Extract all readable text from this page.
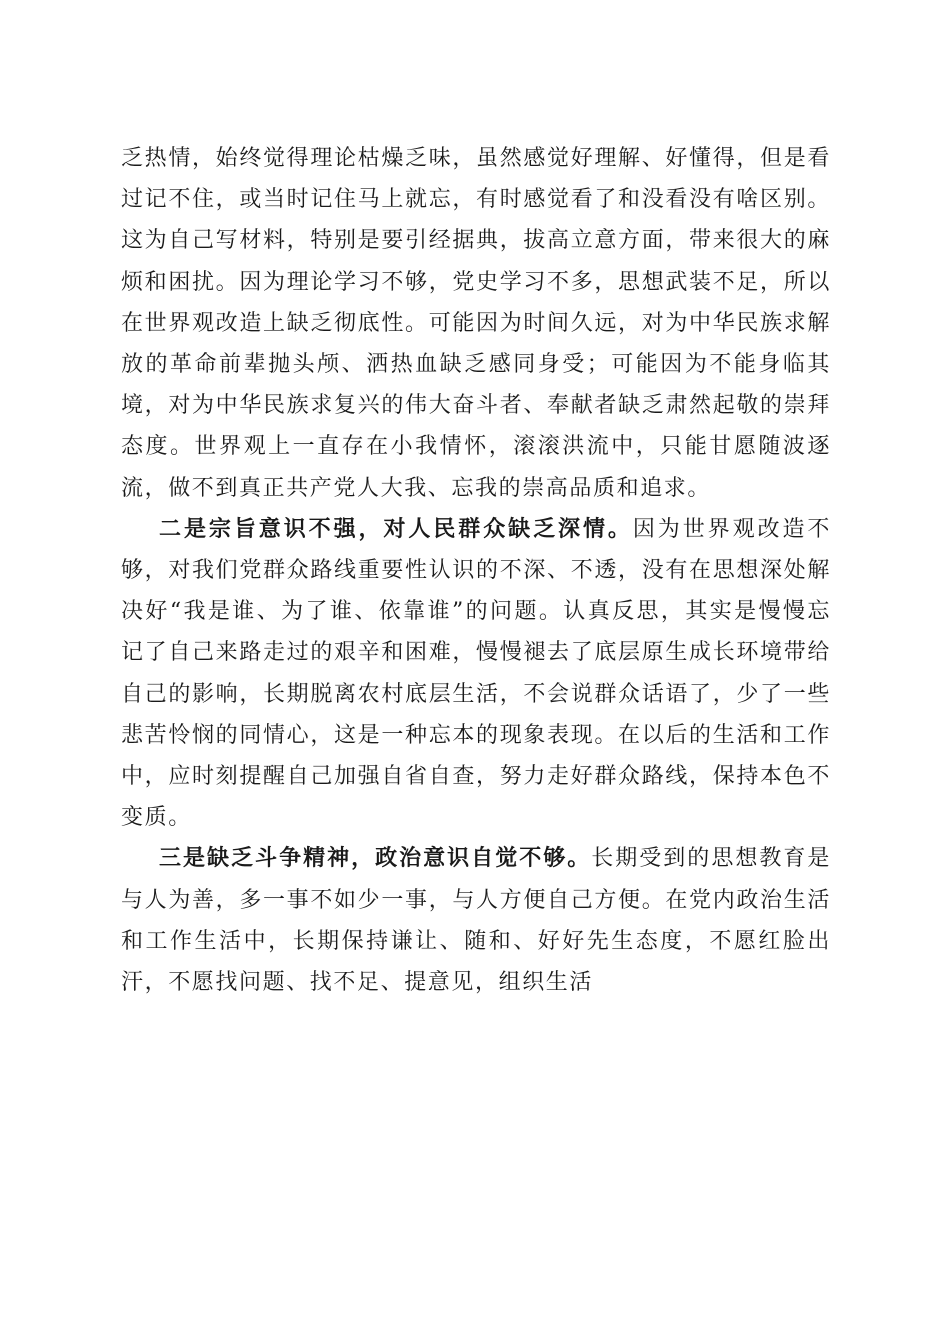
乏热情，始终觉得理论枯燥乏味，虽然感觉好理解、好懂得，但是看过记不住，或当时记住马上就忘，有时感觉看了和没看没有啥区别。这为自己写材料，特别是要引经据典，拔高立意方面，带来很大的麻烦和困扰。因为理论学习不够，党史学习不多，思想武装不足，所以在世界观改造上缺乏彻底性。可能因为时间久远，对为中华民族求解放的革命前辈抛头颅、洒热血缺乏感同身受；可能因为不能身临其境，对为中华民族求复兴的伟大奋斗者、奉献者缺乏肃然起敬的崇拜态度。世界观上一直存在小我情怀，滚滚洪流中，只能甘愿随波逐流，做不到真正共产党人大我、忘我的崇高品质和追求。

二是宗旨意识不强，对人民群众缺乏深情。因为世界观改造不够，对我们党群众路线重要性认识的不深、不透，没有在思想深处解决好“我是谁、为了谁、依靠谁”的问题。认真反思，其实是慢慢忘记了自己来路走过的艰辛和困难，慢慢褪去了底层原生成长环境带给自己的影响，长期脱离农村底层生活，不会说群众话语了，少了一些悲苦怜悯的同情心，这是一种忘本的现象表现。在以后的生活和工作中，应时刻提醒自己加强自省自查，努力走好群众路线，保持本色不变质。

三是缺乏斗争精神，政治意识自觉不够。长期受到的思想教育是与人为善，多一事不如少一事，与人方便自己方便。在党内政治生活和工作生活中，长期保持谦让、随和、好好先生态度，不愿红脸出汗，不愿找问题、找不足、提意见，组织生活
